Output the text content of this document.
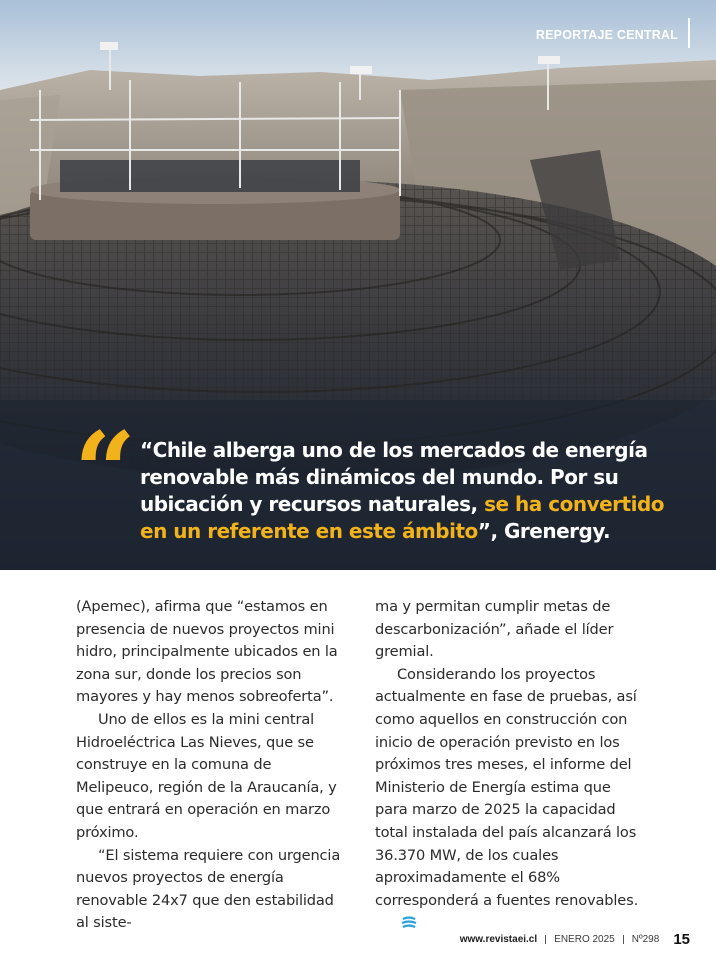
REPORTAJE CENTRAL
“ “Chile alberga uno de los mercados de energía renovable más dinámicos del mundo. Por su ubicación y recursos naturales, se ha convertido en un referente en este ámbito”, Grenergy.

(Apemec), afirma que “estamos en presencia de nuevos proyectos mini hidro, principalmente ubicados en la zona sur, donde los precios son mayores y hay menos sobreoferta”.

Uno de ellos es la mini central Hidroeléctrica Las Nieves, que se construye en la comuna de Melipeuco, región de la Araucanía, y que entrará en operación en marzo próximo.

“El sistema requiere con urgencia nuevos proyectos de energía renovable 24x7 que den estabilidad al siste-

ma y permitan cumplir metas de descarbonización”, añade el líder gremial.

Considerando los proyectos actualmente en fase de pruebas, así como aquellos en construcción con inicio de operación previsto en los próximos tres meses, el informe del Ministerio de Energía estima que para marzo de 2025 la capacidad total instalada del país alcanzará los 36.370 MW, de los cuales aproximadamente el 68% corresponderá a fuentes renovables.

www.revistaei.cl ENERO 2025 Nº298 15
